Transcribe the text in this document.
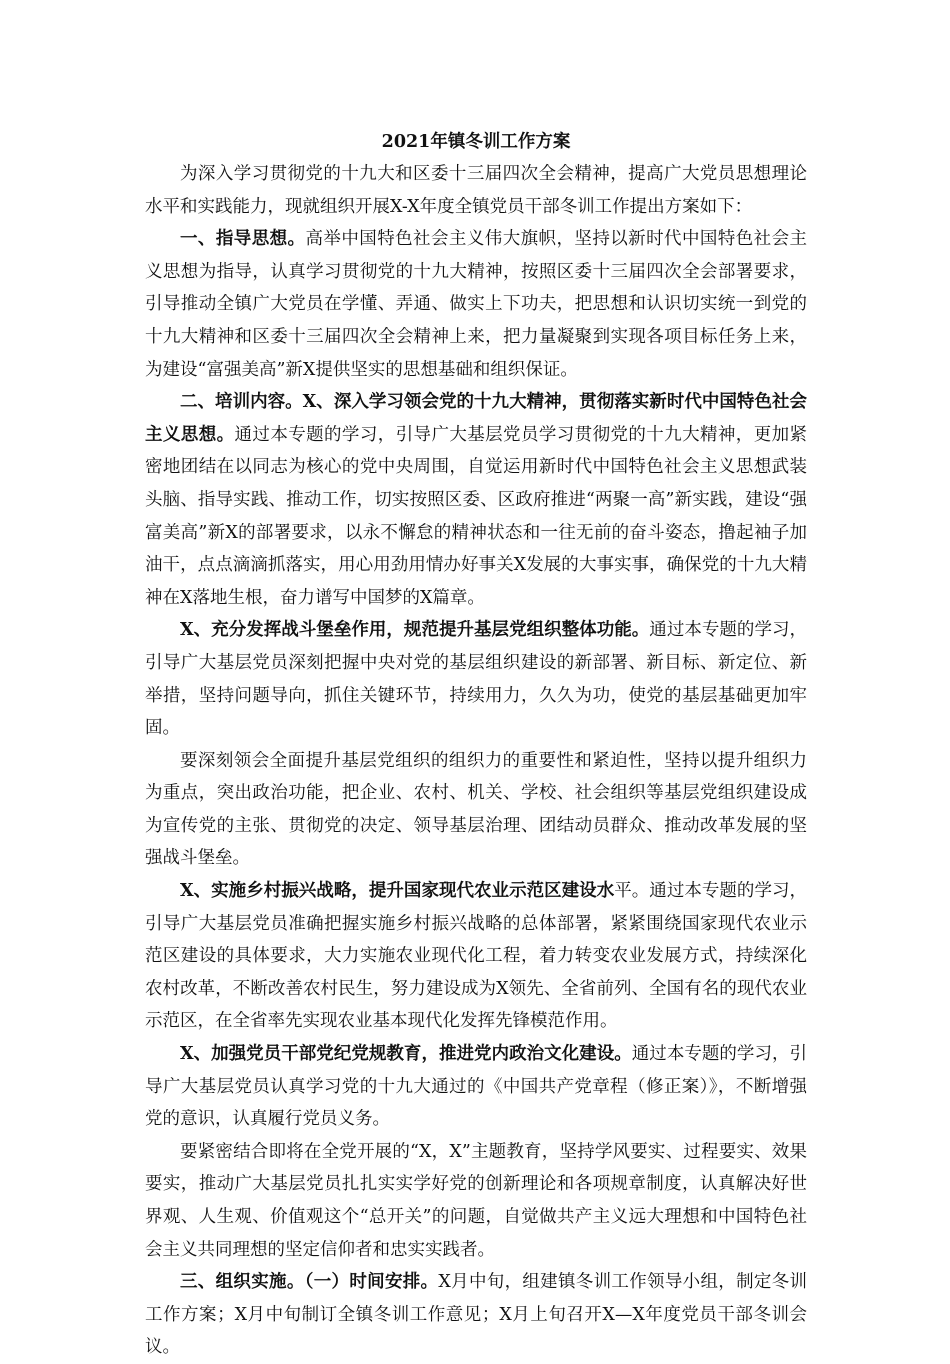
2021年镇冬训工作方案

为深入学习贯彻党的十九大和区委十三届四次全会精神，提高广大党员思想理论水平和实践能力，现就组织开展X-X年度全镇党员干部冬训工作提出方案如下：

一、指导思想。高举中国特色社会主义伟大旗帜，坚持以新时代中国特色社会主义思想为指导，认真学习贯彻党的十九大精神，按照区委十三届四次全会部署要求，引导推动全镇广大党员在学懂、弄通、做实上下功夫，把思想和认识切实统一到党的十九大精神和区委十三届四次全会精神上来，把力量凝聚到实现各项目标任务上来，为建设“富强美高”新X提供坚实的思想基础和组织保证。

二、培训内容。X、深入学习领会党的十九大精神，贯彻落实新时代中国特色社会主义思想。通过本专题的学习，引导广大基层党员学习贯彻党的十九大精神，更加紧密地团结在以同志为核心的党中央周围，自觉运用新时代中国特色社会主义思想武装头脑、指导实践、推动工作，切实按照区委、区政府推进“两聚一高”新实践，建设“强富美高”新X的部署要求，以永不懈怠的精神状态和一往无前的奋斗姿态，撸起袖子加油干，点点滴滴抓落实，用心用劲用情办好事关X发展的大事实事，确保党的十九大精神在X落地生根，奋力谱写中国梦的X篇章。

X、充分发挥战斗堡垒作用，规范提升基层党组织整体功能。通过本专题的学习，引导广大基层党员深刻把握中央对党的基层组织建设的新部署、新目标、新定位、新举措，坚持问题导向，抓住关键环节，持续用力，久久为功，使党的基层基础更加牢固。

要深刻领会全面提升基层党组织的组织力的重要性和紧迫性，坚持以提升组织力为重点，突出政治功能，把企业、农村、机关、学校、社会组织等基层党组织建设成为宣传党的主张、贯彻党的决定、领导基层治理、团结动员群众、推动改革发展的坚强战斗堡垒。

X、实施乡村振兴战略，提升国家现代农业示范区建设水平。通过本专题的学习，引导广大基层党员准确把握实施乡村振兴战略的总体部署，紧紧围绕国家现代农业示范区建设的具体要求，大力实施农业现代化工程，着力转变农业发展方式，持续深化农村改革，不断改善农村民生，努力建设成为X领先、全省前列、全国有名的现代农业示范区，在全省率先实现农业基本现代化发挥先锋模范作用。

X、加强党员干部党纪党规教育，推进党内政治文化建设。通过本专题的学习，引导广大基层党员认真学习党的十九大通过的《中国共产党章程（修正案）》，不断增强党的意识，认真履行党员义务。

要紧密结合即将在全党开展的“X，X”主题教育，坚持学风要实、过程要实、效果要实，推动广大基层党员扎扎实实学好党的创新理论和各项规章制度，认真解决好世界观、人生观、价值观这个“总开关”的问题，自觉做共产主义远大理想和中国特色社会主义共同理想的坚定信仰者和忠实实践者。

三、组织实施。（一）时间安排。X月中旬，组建镇冬训工作领导小组，制定冬训工作方案；X月中旬制订全镇冬训工作意见；X月上旬召开X—X年度党员干部冬训会议。
